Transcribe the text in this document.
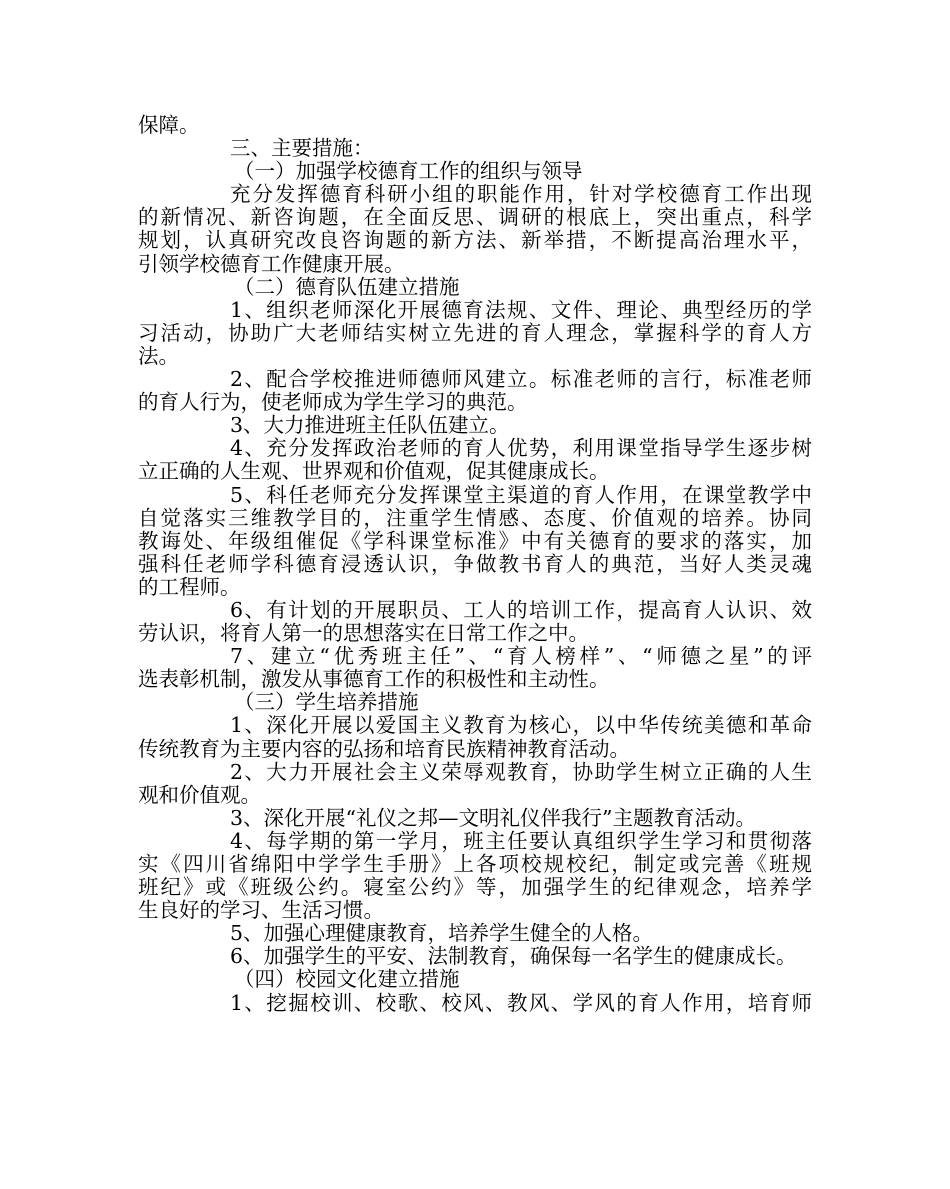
保障。
三、主要措施：
（一）加强学校德育工作的组织与领导
充分发挥德育科研小组的职能作用，针对学校德育工作出现
的新情况、新咨询题，在全面反思、调研的根底上，突出重点，科学
规划，认真研究改良咨询题的新方法、新举措，不断提高治理水平，
引领学校德育工作健康开展。
（二）德育队伍建立措施
1、组织老师深化开展德育法规、文件、理论、典型经历的学
习活动，协助广大老师结实树立先进的育人理念，掌握科学的育人方
法。
2、配合学校推进师德师风建立。标准老师的言行，标准老师
的育人行为，使老师成为学生学习的典范。
3、大力推进班主任队伍建立。
4、充分发挥政治老师的育人优势，利用课堂指导学生逐步树
立正确的人生观、世界观和价值观，促其健康成长。
5、科任老师充分发挥课堂主渠道的育人作用，在课堂教学中
自觉落实三维教学目的，注重学生情感、态度、价值观的培养。协同
教诲处、年级组催促《学科课堂标准》中有关德育的要求的落实，加
强科任老师学科德育浸透认识，争做教书育人的典范，当好人类灵魂
的工程师。
6、有计划的开展职员、工人的培训工作，提高育人认识、效
劳认识，将育人第一的思想落实在日常工作之中。
7、建立“优秀班主任”、“育人榜样”、“师德之星”的评
选表彰机制，激发从事德育工作的积极性和主动性。
（三）学生培养措施
1、深化开展以爱国主义教育为核心，以中华传统美德和革命
传统教育为主要内容的弘扬和培育民族精神教育活动。
2、大力开展社会主义荣辱观教育，协助学生树立正确的人生
观和价值观。
3、深化开展“礼仪之邦—文明礼仪伴我行”主题教育活动。
4、每学期的第一学月，班主任要认真组织学生学习和贯彻落
实《四川省绵阳中学学生手册》上各项校规校纪，制定或完善《班规
班纪》或《班级公约。寝室公约》等，加强学生的纪律观念，培养学
生良好的学习、生活习惯。
5、加强心理健康教育，培养学生健全的人格。
6、加强学生的平安、法制教育，确保每一名学生的健康成长。
（四）校园文化建立措施
1、挖掘校训、校歌、校风、教风、学风的育人作用，培育师
